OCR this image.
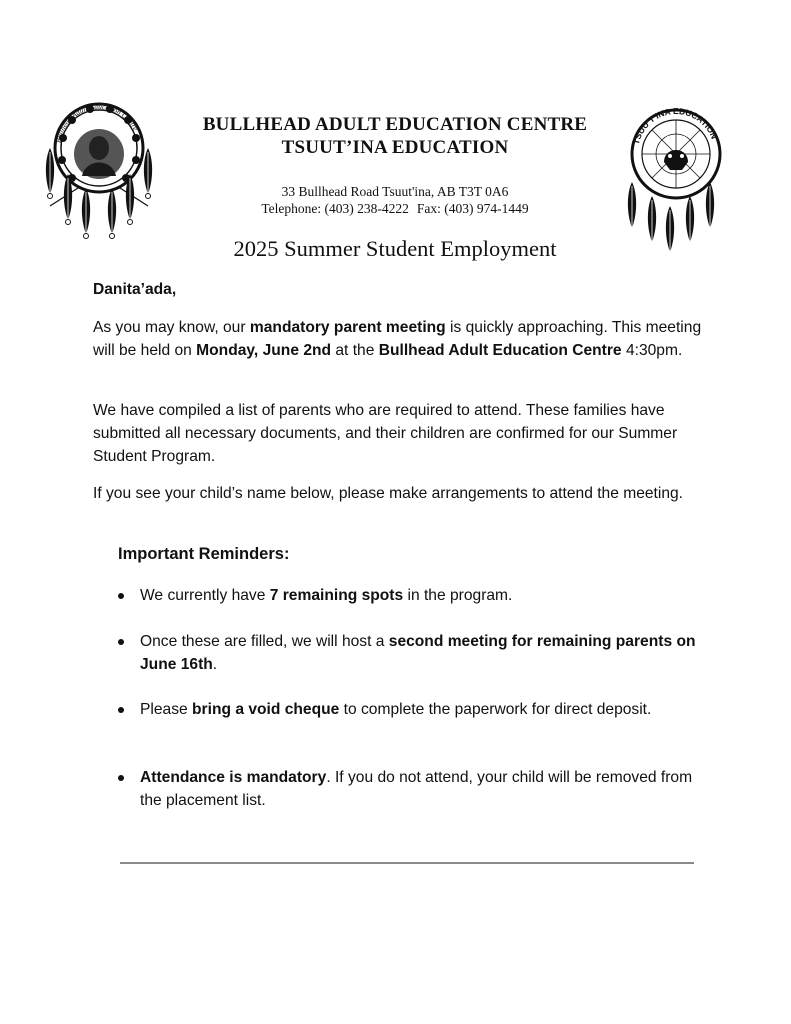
Bullhead Adult Education Centre
TSUU T'INA EDUCATION
BULLHEAD ADULT EDUCATION CENTRE
TSUUT’INA EDUCATION
33 Bullhead Road Tsuut'ina, AB T3T 0A6
Telephone: (403) 238-4222 Fax: (403) 974-1449
2025 Summer Student Employment
Danita’ada,
As you may know, our mandatory parent meeting is quickly approaching. This meeting will be held on Monday, June 2nd at the Bullhead Adult Education Centre 4:30pm.
We have compiled a list of parents who are required to attend. These families have submitted all necessary documents, and their children are confirmed for our Summer Student Program.
If you see your child’s name below, please make arrangements to attend the meeting.
Important Reminders:
We currently have 7 remaining spots in the program.
Once these are filled, we will host a second meeting for remaining parents on June 16th.
Please bring a void cheque to complete the paperwork for direct deposit.
Attendance is mandatory. If you do not attend, your child will be removed from the placement list.
